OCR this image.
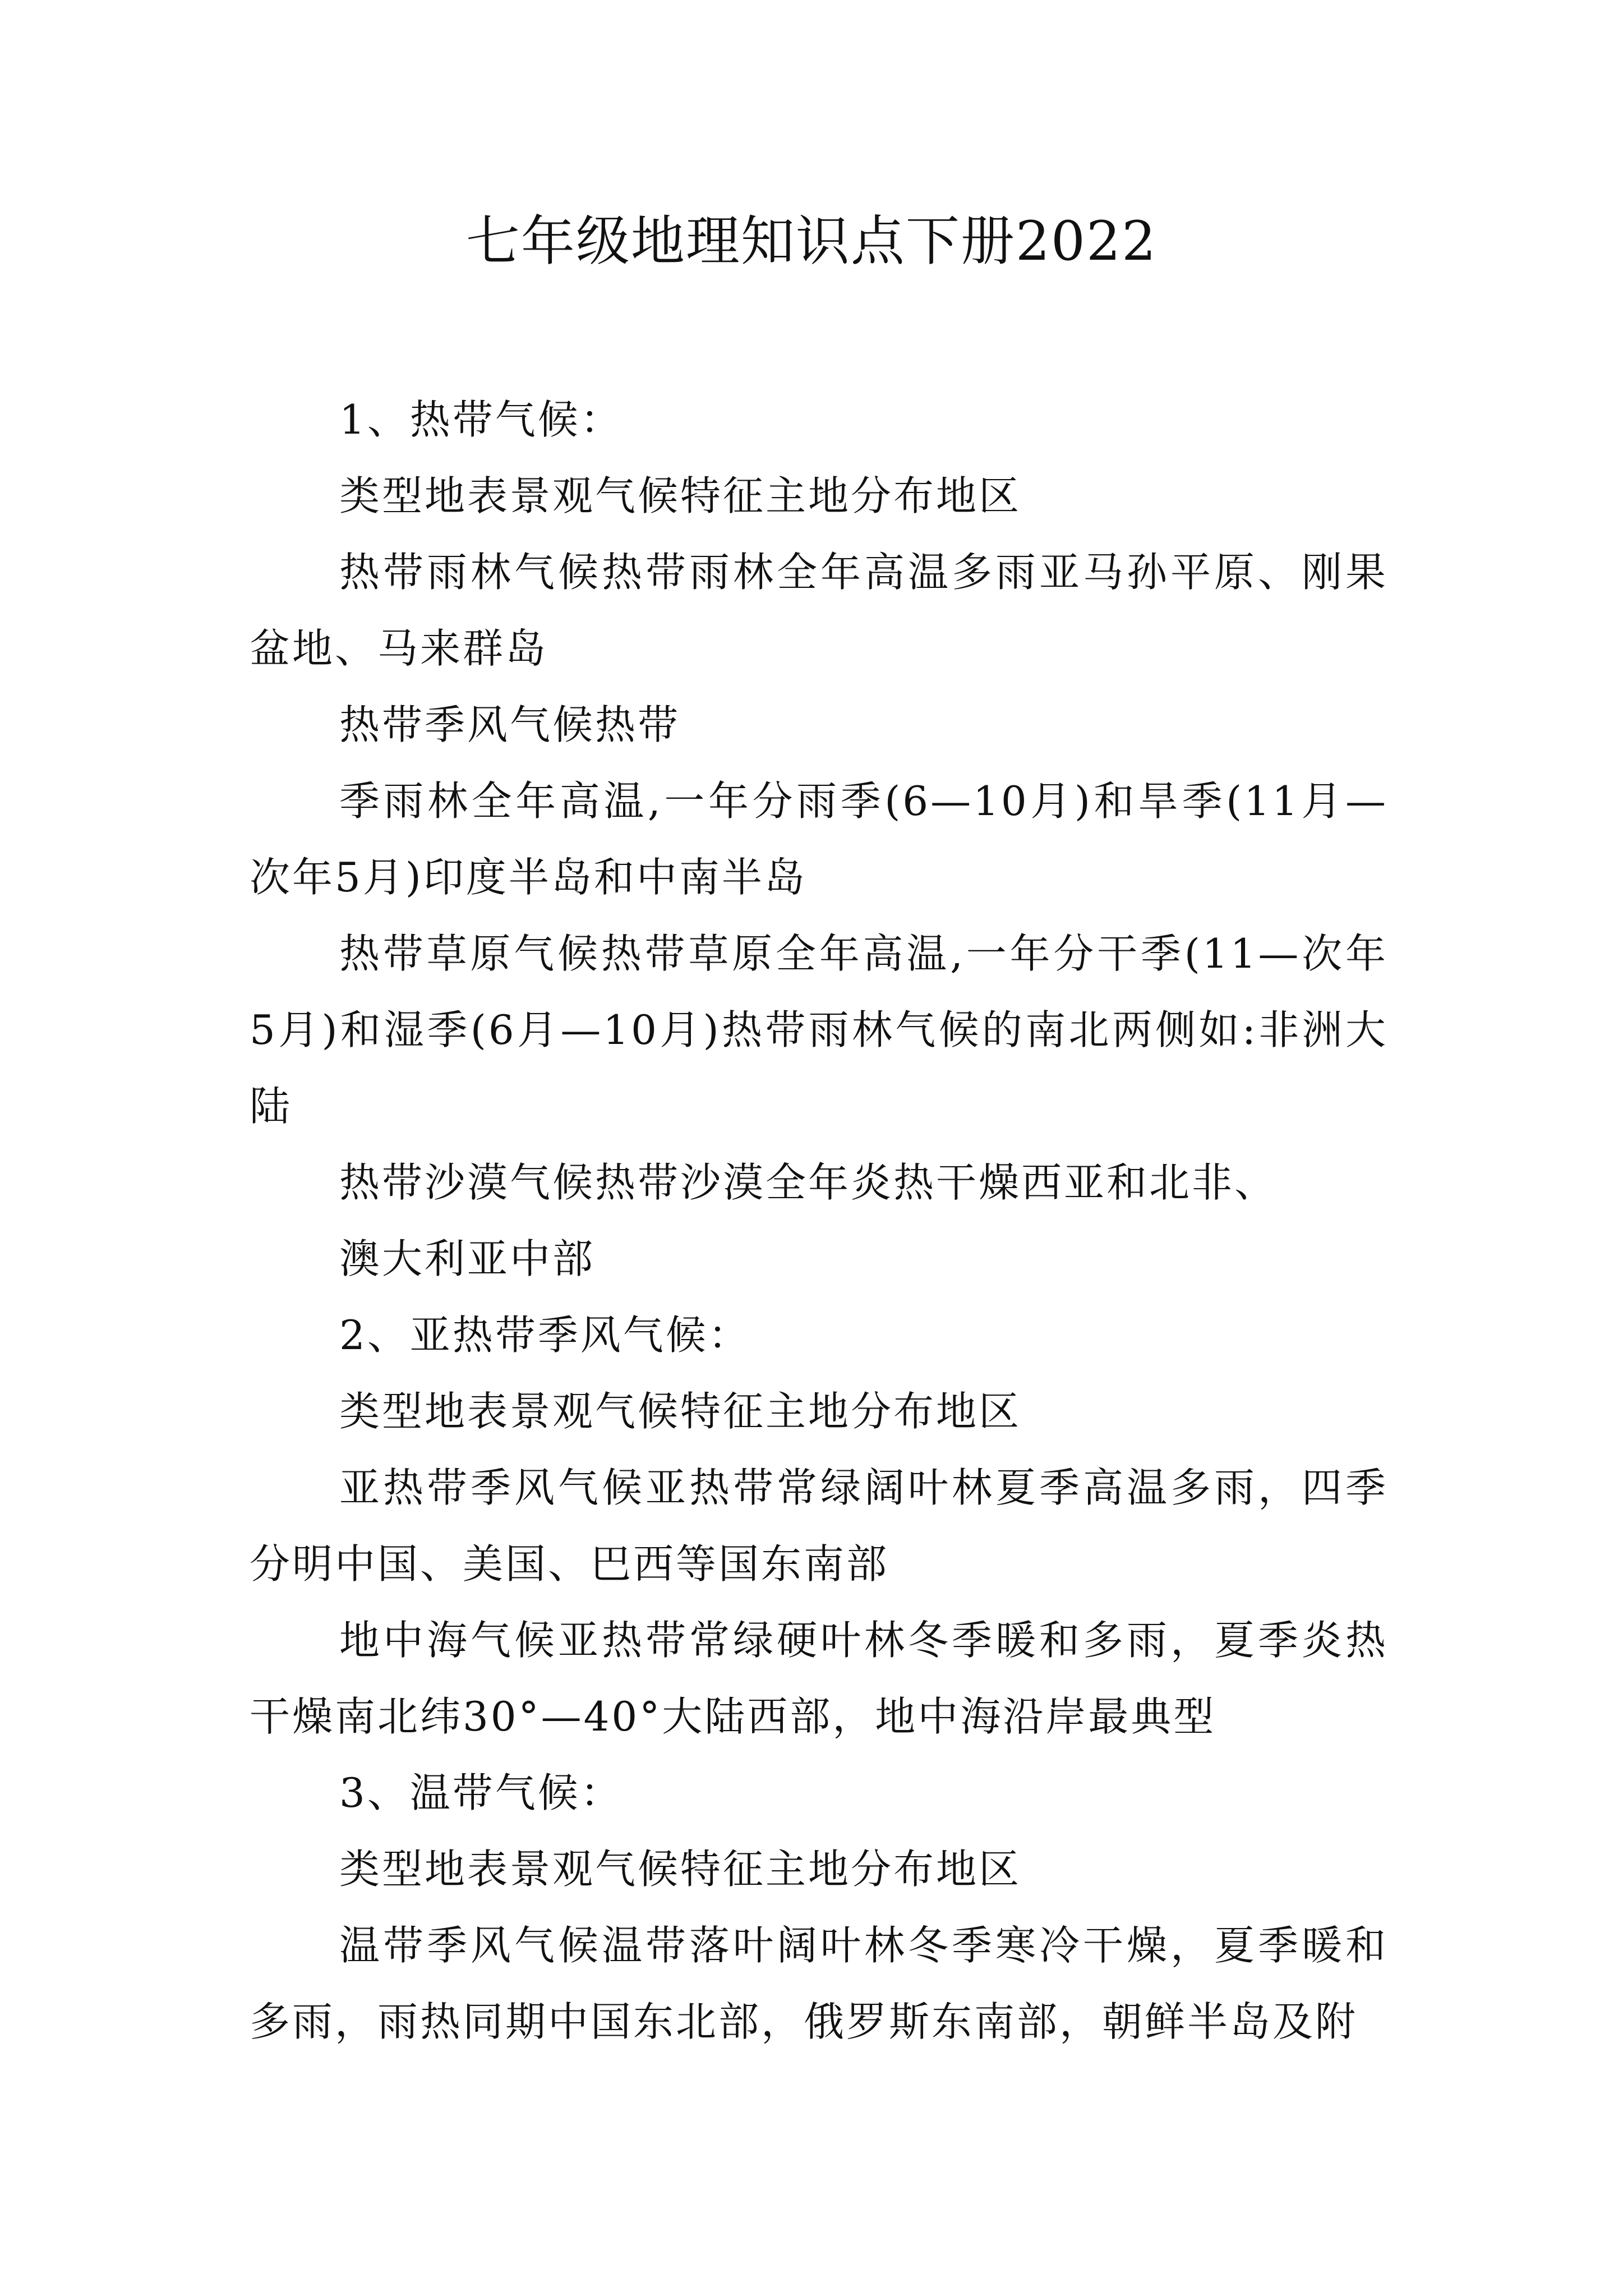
七年级地理知识点下册2022

1、热带气候：

类型地表景观气候特征主地分布地区

热带雨林气候热带雨林全年高温多雨亚马孙平原、刚果盆地、马来群岛

热带季风气候热带

季雨林全年高温,一年分雨季(6—10月)和旱季(11月—次年5月)印度半岛和中南半岛

热带草原气候热带草原全年高温,一年分干季(11—次年5月)和湿季(6月—10月)热带雨林气候的南北两侧如:非洲大陆

热带沙漠气候热带沙漠全年炎热干燥西亚和北非、

澳大利亚中部

2、亚热带季风气候：

类型地表景观气候特征主地分布地区

亚热带季风气候亚热带常绿阔叶林夏季高温多雨，四季分明中国、美国、巴西等国东南部

地中海气候亚热带常绿硬叶林冬季暖和多雨，夏季炎热干燥南北纬30°—40°大陆西部，地中海沿岸最典型

3、温带气候：

类型地表景观气候特征主地分布地区

温带季风气候温带落叶阔叶林冬季寒冷干燥，夏季暖和多雨，雨热同期中国东北部，俄罗斯东南部，朝鲜半岛及附
